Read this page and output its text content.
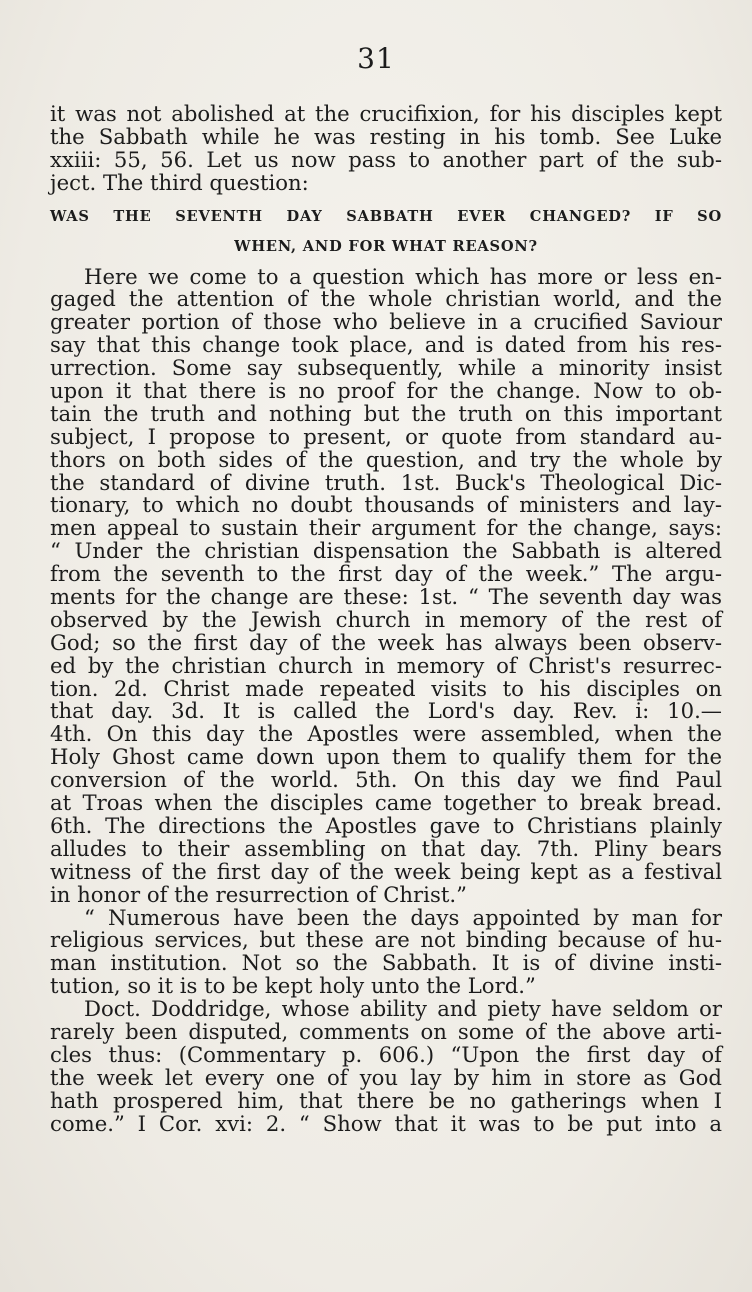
31
it was not abolished at the crucifixion, for his disciples kept
the Sabbath while he was resting in his tomb. See Luke
xxiii: 55, 56. Let us now pass to another part of the sub-
ject. The third question:
WAS THE SEVENTH DAY SABBATH EVER CHANGED? IF SO
WHEN, AND FOR WHAT REASON?
Here we come to a question which has more or less en-
gaged the attention of the whole christian world, and the
greater portion of those who believe in a crucified Saviour
say that this change took place, and is dated from his res-
urrection. Some say subsequently, while a minority insist
upon it that there is no proof for the change. Now to ob-
tain the truth and nothing but the truth on this important
subject, I propose to present, or quote from standard au-
thors on both sides of the question, and try the whole by
the standard of divine truth. 1st. Buck's Theological Dic-
tionary, to which no doubt thousands of ministers and lay-
men appeal to sustain their argument for the change, says:
“ Under the christian dispensation the Sabbath is altered
from the seventh to the first day of the week.” The argu-
ments for the change are these: 1st. “ The seventh day was
observed by the Jewish church in memory of the rest of
God; so the first day of the week has always been observ-
ed by the christian church in memory of Christ's resurrec-
tion. 2d. Christ made repeated visits to his disciples on
that day. 3d. It is called the Lord's day. Rev. i: 10.—
4th. On this day the Apostles were assembled, when the
Holy Ghost came down upon them to qualify them for the
conversion of the world. 5th. On this day we find Paul
at Troas when the disciples came together to break bread.
6th. The directions the Apostles gave to Christians plainly
alludes to their assembling on that day. 7th. Pliny bears
witness of the first day of the week being kept as a festival
in honor of the resurrection of Christ.”
“ Numerous have been the days appointed by man for
religious services, but these are not binding because of hu-
man institution. Not so the Sabbath. It is of divine insti-
tution, so it is to be kept holy unto the Lord.”
Doct. Doddridge, whose ability and piety have seldom or
rarely been disputed, comments on some of the above arti-
cles thus: (Commentary p. 606.) “Upon the first day of
the week let every one of you lay by him in store as God
hath prospered him, that there be no gatherings when I
come.” I Cor. xvi: 2. “ Show that it was to be put into a
